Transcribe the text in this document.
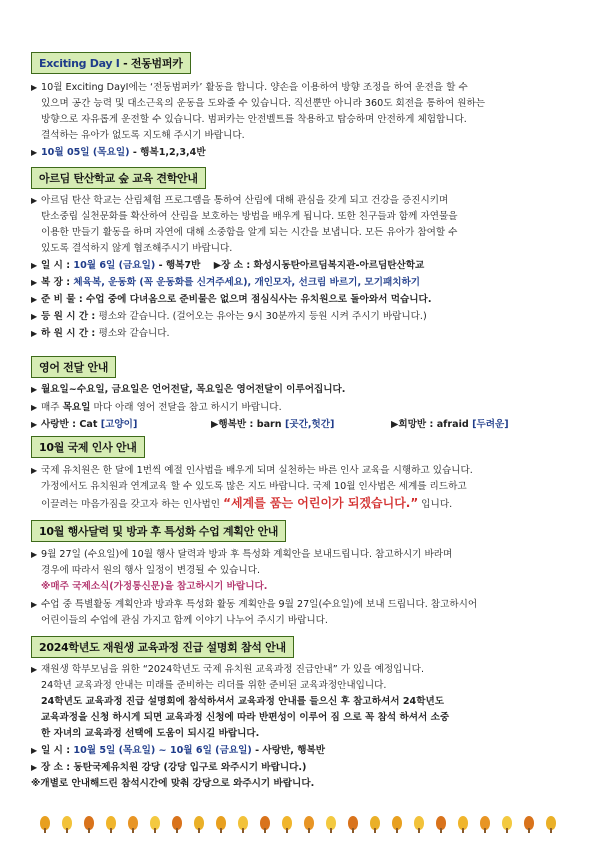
Exciting Day Ⅰ - 전동범퍼카
▶ 10월 Exciting DayⅠ에는 ‘전동범퍼카’ 활동을 합니다. 양손을 이용하여 방향 조정을 하여 운전을 할 수
있으며 공간 능력 및 대소근육의 운동을 도와줄 수 있습니다. 직선뿐만 아니라 360도 회전을 통하여 원하는
방향으로 자유롭게 운전할 수 있습니다. 범퍼카는 안전벨트를 착용하고 탑승하며 안전하게 체험합니다.
결석하는 유아가 없도록 지도해 주시기 바랍니다.
▶ 10월 05일 (목요일) - 행복1,2,3,4반
아르딤 탄산학교 숲 교육 견학안내
▶ 아르딤 탄산 학교는 산림체험 프로그램을 통하여 산림에 대해 관심을 갖게 되고 건강을 증진시키며
탄소중립 실천문화를 확산하여 산림을 보호하는 방법을 배우게 됩니다. 또한 친구들과 함께 자연물을
이용한 만들기 활동을 하며 자연에 대해 소중함을 알게 되는 시간을 보냅니다. 모든 유아가 참여할 수
있도록 결석하지 않게 협조해주시기 바랍니다.
▶ 일 시 : 10월 6일 (금요일) - 행복7반 ▶장 소 : 화성시동탄아르딤복지관-아르딤탄산학교
▶ 복 장 : 체육복, 운동화 (꼭 운동화를 신겨주세요), 개인모자, 선크림 바르기, 모기패치하기
▶ 준 비 물 : 수업 중에 다녀옴으로 준비물은 없으며 점심식사는 유치원으로 돌아와서 먹습니다.
▶ 등 원 시 간 : 평소와 같습니다. (걸어오는 유아는 9시 30분까지 등원 시켜 주시기 바랍니다.)
▶ 하 원 시 간 : 평소와 같습니다.
영어 전달 안내
▶ 월요일~수요일, 금요일은 언어전달, 목요일은 영어전달이 이루어집니다.
▶ 매주 목요일 마다 아래 영어 전달을 참고 하시기 바랍니다.
▶ 사랑반 : Cat [고양이]	▶행복반 : barn [곳간,헛간]	▶희망반 : afraid [두려운]
10월 국제 인사 안내
▶ 국제 유치원은 한 달에 1번씩 예절 인사법을 배우게 되며 실천하는 바른 인사 교육을 시행하고 있습니다.
가정에서도 유치원과 연계교육 할 수 있도록 많은 지도 바랍니다. 국제 10월 인사법은 세계를 리드하고
이끌려는 마음가짐을 갖고자 하는 인사법인 “세계를 품는 어린이가 되겠습니다.” 입니다.
10월 행사달력 및 방과 후 특성화 수업 계획안 안내
▶ 9월 27일 (수요일)에 10월 행사 달력과 방과 후 특성화 계획안을 보내드립니다. 참고하시기 바라며
경우에 따라서 원의 행사 일정이 변경될 수 있습니다.
※매주 국제소식(가정통신문)을 참고하시기 바랍니다.
▶ 수업 중 특별활동 계획안과 방과후 특성화 활동 계획안을 9월 27일(수요일)에 보내 드립니다. 참고하시어
어린이들의 수업에 관심 가지고 함께 이야기 나누어 주시기 바랍니다.
2024학년도 재원생 교육과정 진급 설명회 참석 안내
▶ 재원생 학부모님을 위한 “2024학년도 국제 유치원 교육과정 진급안내” 가 있을 예정입니다.
24학년 교육과정 안내는 미래를 준비하는 리더를 위한 준비된 교육과정안내입니다.
24학년도 교육과정 진급 설명회에 참석하셔서 교육과정 안내를 들으신 후 참고하셔서 24학년도
교육과정을 신청 하시게 되면 교육과정 신청에 따라 반편성이 이루어 짐 으로 꼭 참석 하셔서 소중
한 자녀의 교육과정 선택에 도움이 되시길 바랍니다.
▶ 일 시 : 10월 5일 (목요일) ~ 10월 6일 (금요일) - 사랑반, 행복반
▶ 장 소 : 동탄국제유치원 강당 (강당 입구로 와주시기 바랍니다.)
※개별로 안내해드린 참석시간에 맞춰 강당으로 와주시기 바랍니다.
